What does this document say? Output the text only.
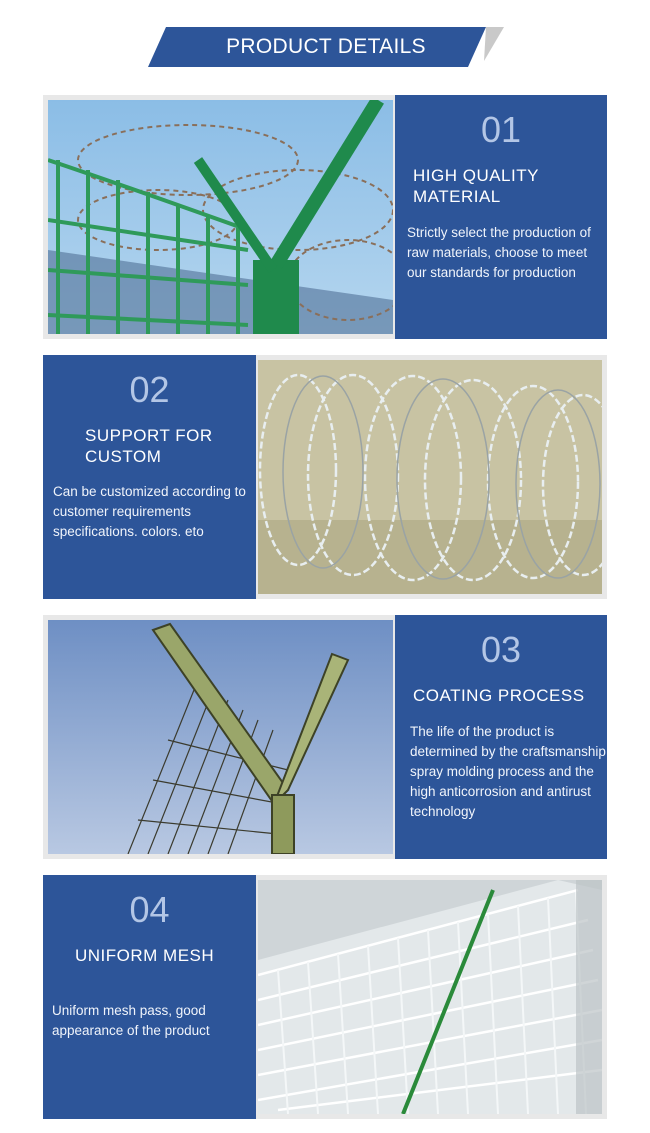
PRODUCT DETAILS
01
HIGH QUALITY MATERIAL
Strictly select the production of raw materials, choose to meet our standards for production
02
SUPPORT FOR CUSTOM
Can be customized according to customer requirements specifications. colors. eto
03
COATING PROCESS
The life of the product is determined by the craftsmanship spray molding process and the high anticorrosion and antirust technology
04
UNIFORM MESH
Uniform mesh pass, good appearance of the product
